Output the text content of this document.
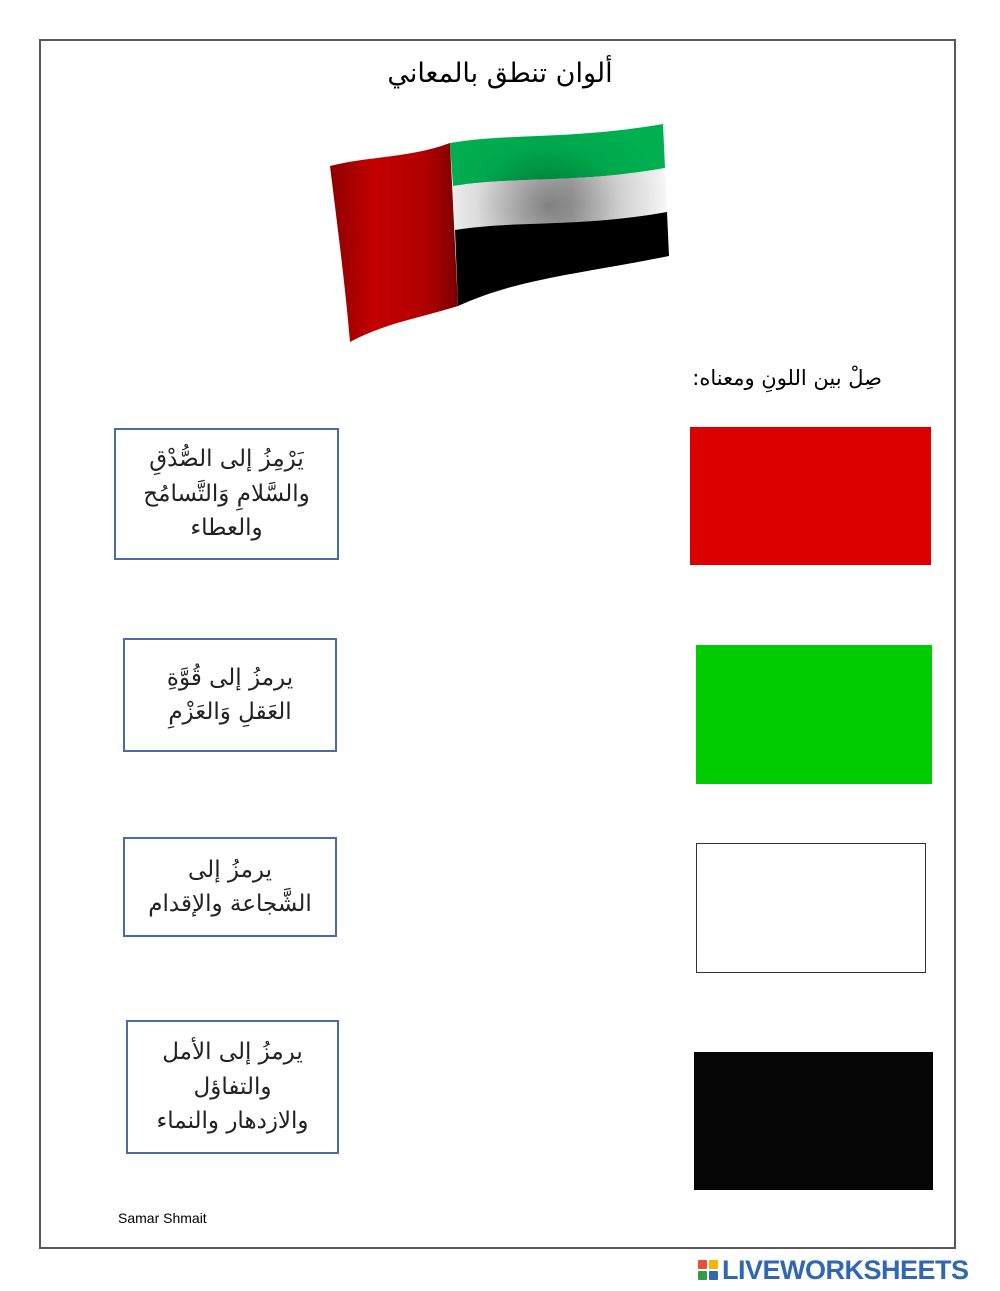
ألوان تنطق بالمعاني
صِلْ بين اللونِ ومعناه:
يَرْمِزُ إلى الصُّدْقِ
والسَّلامِ وَالتَّسامُح
والعطاء
يرمزُ إلى قُوَّةِ
العَقلِ وَالعَزْمِ
يرمزُ إلى
الشَّجاعة والإقدام
يرمزُ إلى الأمل
والتفاؤل
والازدهار والنماء
Samar Shmait
LIVEWORKSHEETS
